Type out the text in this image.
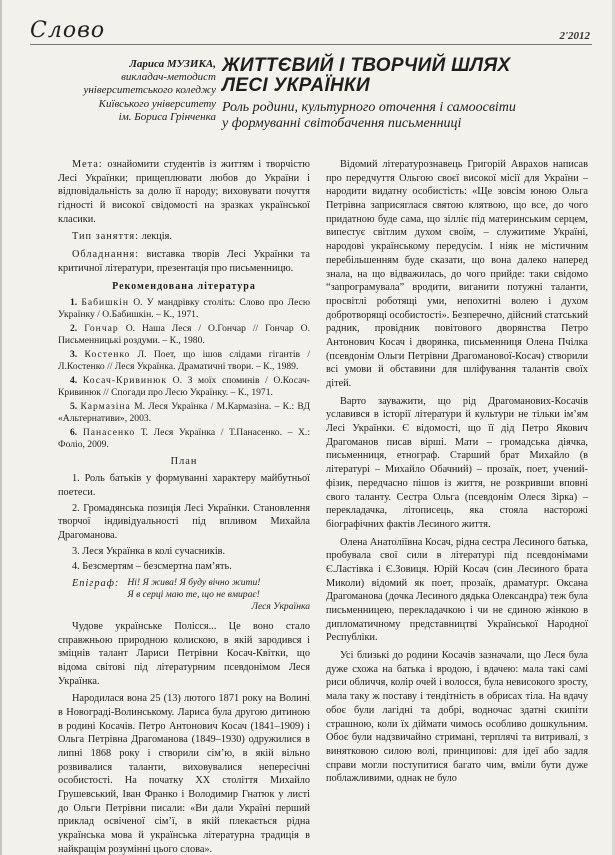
Слово	2'2012
Лариса МУЗИКА,
викладач-методист
університетського коледжу
Київського університету
ім. Бориса Грінченка
ЖИТТЄВИЙ І ТВОРЧИЙ ШЛЯХ
ЛЕСІ УКРАЇНКИ
Роль родини, культурного оточення і самоосвіти
у формуванні світобачення письменниці

Мета: ознайомити студентів із життям і творчістю Лесі Українки; прищеплювати любов до України і відповідальність за долю її народу; виховувати почуття гідності й високої свідомості на зразках української класики.

Тип заняття: лекція.

Обладнання: виставка творів Лесі Українки та критичної літератури, презентація про письменницю.

Рекомендована література

1. Бабишкін О. У мандрівку століть: Слово про Лесю Українку / О.Бабишкін. – К., 1971.

2. Гончар О. Наша Леся / О.Гончар // Гончар О. Письменницькі роздуми. – К., 1980.

3. Костенко Л. Поет, що ішов слідами гігантів / Л.Костенко // Леся Українка. Драматичні твори. – К., 1989.

4. Косач-Кривинюк О. З моїх споминів / О.Косач-Кривинюк // Спогади про Лесю Українку. – К., 1971.

5. Кармазіна М. Леся Українка / М.Кармазіна. – К.: ВД «Альтернативи», 2003.

6. Панасенко Т. Леся Українка / Т.Панасенко. – Х.: Фоліо, 2009.

План

1. Роль батьків у формуванні характеру майбутньої поетеси.

2. Громадянська позиція Лесі Українки. Становлення творчої індивідуальності під впливом Михайла Драгоманова.

3. Леся Українка в колі сучасників.

4. Безсмертям – безсмертна пам’ять.

Епіграф: Ні! Я жива! Я буду вічно жити!
Я в серці маю те, що не вмирає!
Леся Українка

Чудове українське Полісся... Це воно стало справжньою природною колискою, в якій зародився і зміцнів талант Лариси Петрівни Косач-Квітки, що відома світові під літературним псевдонімом Леся Українка.

Народилася вона 25 (13) лютого 1871 року на Волині в Новограді-Волинському. Лариса була другою дитиною в родині Косачів. Петро Антонович Косач (1841–1909) і Ольга Петрівна Драгоманова (1849–1930) одружилися в липні 1868 року і створили сім’ю, в якій вільно розвивалися таланти, виховувалися непересічні особистості. На початку ХХ століття Михайло Грушевський, Іван Франко і Володимир Гнатюк у листі до Ольги Петрівни писали: «Ви дали Україні перший приклад освіченої сім’ї, в якій плекається рідна українська мова й українська літературна традиція в найкращім розумінні цього слова».

Відомий літературознавець Григорій Авраxов написав про передчуття Ольгою своєї високої місії для України – народити видатну особистість: «Ще зовсім юною Ольга Петрівна заприсяглася святою клятвою, що все, до чого придатною буде сама, що зілліє під материнським серцем, випестує світлим духом своїм, – служитиме Україні, народові українському передусім. І ніяк не містичним перебільшенням буде сказати, що вона далеко наперед знала, на що відважилась, до чого прийде: таки свідомо “запрограмувала” вродити, виганити потужні таланти, просвітлі роботящі уми, непохитні волею і духом добротворящі особистості». Безперечно, дійсний статський радник, провідник повітового дворянства Петро Антонович Косач і дворянка, письменниця Олена Пчілка (псевдонім Ольги Петрівни Драгоманової-Косач) створили всі умови й обставини для шліфування талантів своїх дітей.

Варто зауважити, що рід Драгоманових-Косачів уславився в історії літератури й культури не тільки ім’ям Лесі Українки. Є відомості, що її дід Петро Якович Драгоманов писав вірші. Мати – громадська діячка, письменниця, етнограф. Старший брат Михайло (в літературі – Михайло Обачний) – прозаїк, поет, учений-фізик, передчасно пішов із життя, не розкривши вповні свого таланту. Сестра Ольга (псевдонім Олеся Зірка) – перекладачка, літописець, яка стояла насторожі біографічних фактів Лесиного життя.

Олена Анатоліївна Косач, рідна сестра Лесиного батька, пробувала свої сили в літературі під псевдонімами Є.Ластівка і Є.Зовиця. Юрій Косач (син Лесиного брата Миколи) відомий як поет, прозаїк, драматург. Оксана Драгоманова (дочка Лесиного дядька Олександра) теж була письменницею, перекладачкою і чи не єдиною жінкою в дипломатичному представництві Української Народної Республіки.

Усі близькі до родини Косачів зазначали, що Леся була дуже схожа на батька і вродою, і вдачею: мала такі самі риси обличчя, колір очей і волосся, була невисокого зросту, мала таку ж поставу і тендітність в обрисах тіла. На вдачу обоє були лагідні та добрі, водночас здатні скипіти страшною, коли їх діймати чимось особливо дошкульним. Обоє були надзвичайно стримані, терплячі та витривалі, з винятковою силою волі, принципові: для ідеї або задля справи могли поступитися багато чим, вміли бути дуже поблажливими, однак не було
